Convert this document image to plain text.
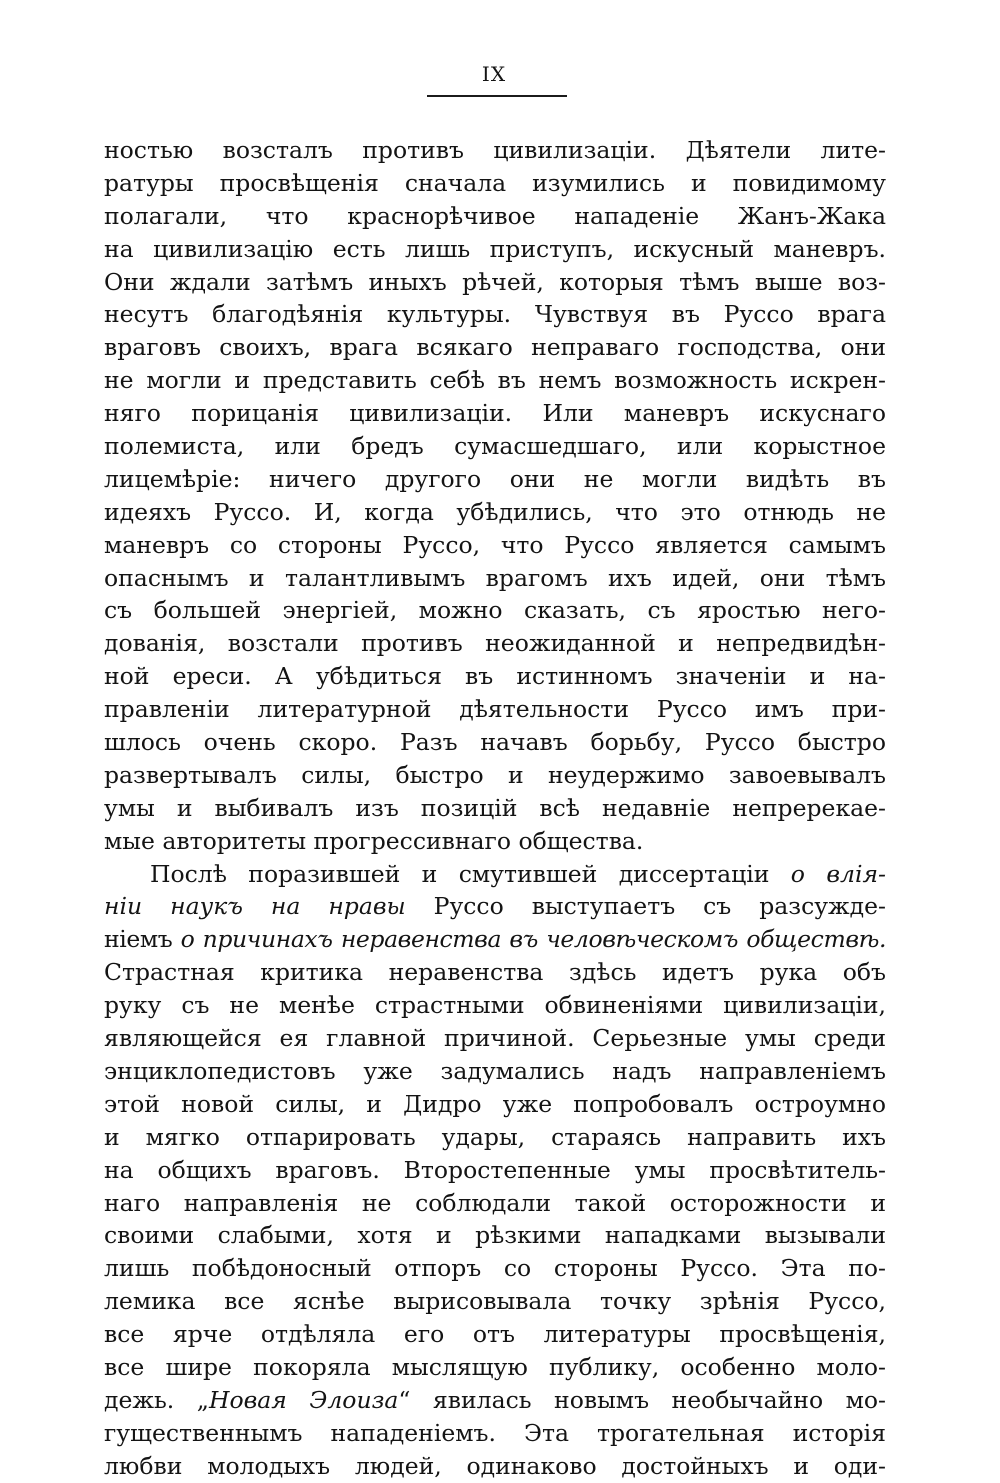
IX
ностью возсталъ противъ цивилизаціи. Дѣятели лите-
ратуры просвѣщенія сначала изумились и повидимому
полагали, что краснорѣчивое нападеніе Жанъ-Жака
на цивилизацію есть лишь приступъ, искусный маневръ.
Они ждали затѣмъ иныхъ рѣчей, которыя тѣмъ выше воз-
несутъ благодѣянія культуры. Чувствуя въ Руссо врага
враговъ своихъ, врага всякаго неправаго господства, они
не могли и представить себѣ въ немъ возможность искрен-
няго порицанія цивилизаціи. Или маневръ искуснаго
полемиста, или бредъ сумасшедшаго, или корыстное
лицемѣріе: ничего другого они не могли видѣть въ
идеяхъ Руссо. И, когда убѣдились, что это отнюдь не
маневръ со стороны Руссо, что Руссо является самымъ
опаснымъ и талантливымъ врагомъ ихъ идей, они тѣмъ
съ большей энергіей, можно сказать, съ яростью него-
дованія, возстали противъ неожиданной и непредвидѣн-
ной ереси. А убѣдиться въ истинномъ значеніи и на-
правленіи литературной дѣятельности Руссо имъ при-
шлось очень скоро. Разъ начавъ борьбу, Руссо быстро
развертывалъ силы, быстро и неудержимо завоевывалъ
умы и выбивалъ изъ позицій всѣ недавніе непререкае-
мые авторитеты прогрессивнаго общества.
Послѣ поразившей и смутившей диссертаціи о влія-
ніи наукъ на нравы Руссо выступаетъ съ разсужде-
ніемъ о причинахъ неравенства въ человѣческомъ обществѣ.
Страстная критика неравенства здѣсь идетъ рука объ
руку съ не менѣе страстными обвиненіями цивилизаціи,
являющейся ея главной причиной. Серьезные умы среди
энциклопедистовъ уже задумались надъ направленіемъ
этой новой силы, и Дидро уже попробовалъ остроумно
и мягко отпарировать удары, стараясь направить ихъ
на общихъ враговъ. Второстепенные умы просвѣтитель-
наго направленія не соблюдали такой осторожности и
своими слабыми, хотя и рѣзкими нападками вызывали
лишь побѣдоносный отпоръ со стороны Руссо. Эта по-
лемика все яснѣе вырисовывала точку зрѣнія Руссо,
все ярче отдѣляла его отъ литературы просвѣщенія,
все шире покоряла мыслящую публику, особенно моло-
дежь. „Новая Элоиза“ явилась новымъ необычайно мо-
гущественнымъ нападеніемъ. Эта трогательная исторія
любви молодыхъ людей, одинаково достойныхъ и оди-
